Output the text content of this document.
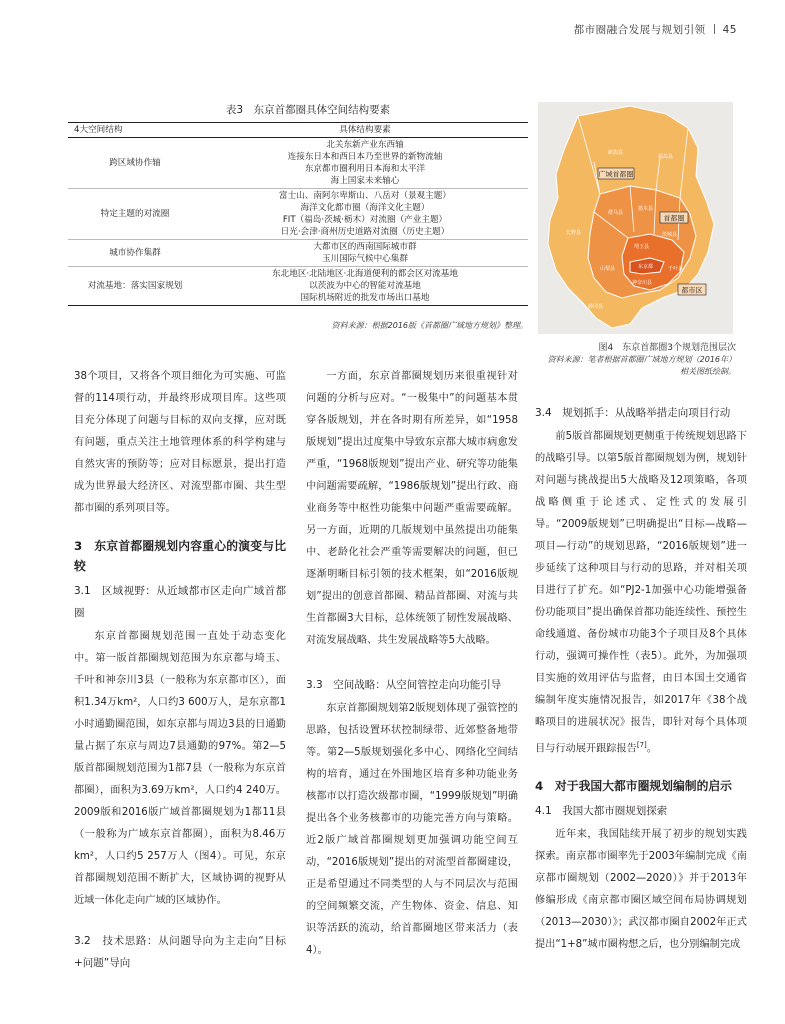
都市圈融合发展与规划引领 45
表3　东京首都圈具体空间结构要素
4大空间结构	具体结构要素
跨区域协作轴	北关东新产业东西轴
连接东日本和西日本乃至世界的新物流轴
东京都市圈利用日本海和太平洋
海上国家未来轴心

特定主题的对流圈	富士山、南阿尔卑斯山、八岳对（景观主题）
海洋文化都市圈（海洋文化主题）
FIT（福岛·茨城·栃木）对流圈（产业主题）
日光·会津·商州历史道路对流圈（历史主题）

城市协作集群	大都市区的西南国际城市群
玉川国际气候中心集群

对流基地：落实国家规划	东北地区·北陆地区·北海道便利的都会区对流基地
以茨波为中心的智能对流基地
国际机场附近的批发市场出口基地
资料来源：根据2016版《首都圈广域地方规划》整理。
广域首都圈
首都圈
都市区
新潟县
福岛县
长野县
群马县
栃木县
茨城县
埼玉县
山梨县	东京都	千叶县
神奈川县
静冈县
图4　东京首都圈3个规划范围层次
资料来源：笔者根据首都圈广域地方规划（2016年）
相关图纸绘制。

38个项目，又将各个项目细化为可实施、可监督的114项行动，并最终形成项目库。这些项目充分体现了问题与目标的双向支撑，应对既有问题，重点关注土地管理体系的科学构建与自然灾害的预防等；应对目标愿景，提出打造成为世界最大经济区、对流型都市圈、共生型都市圈的系列项目等。

3　东京首都圈规划内容重心的演变与比较
3.1　区域视野：从近域都市区走向广域首都圈

东京首都圈规划范围一直处于动态变化中。第一版首都圈规划范围为东京都与埼玉、千叶和神奈川3县（一般称为东京都市区），面积1.34万km²，人口约3 600万人，是东京都1小时通勤圈范围，如东京都与周边3县的日通勤量占据了东京与周边7县通勤的97%。第2—5版首都圈规划范围为1都7县（一般称为东京首都圈），面积为3.69万km²，人口约4 240万。2009版和2016版广域首都圈规划为1都11县（一般称为广域东京首都圈），面积为8.46万km²，人口约5 257万人（图4）。可见，东京首都圈规划范围不断扩大，区域协调的视野从近域一体化走向广域的区域协作。

3.2　技术思路：从问题导向为主走向“目标+问题”导向

一方面，东京首都圈规划历来很重视针对问题的分析与应对。“一极集中”的问题基本贯穿各版规划，并在各时期有所差异，如“1958版规划”提出过度集中导致东京都大城市病愈发严重，“1968版规划”提出产业、研究等功能集中问题需要疏解，“1986版规划”提出行政、商业商务等中枢性功能集中问题严重需要疏解。另一方面，近期的几版规划中虽然提出功能集中、老龄化社会严重等需要解决的问题，但已逐渐明晰目标引领的技术框架，如“2016版规划”提出的创意首都圈、精品首都圈、对流与共生首都圈3大目标，总体统领了韧性发展战略、对流发展战略、共生发展战略等5大战略。

3.3　空间战略：从空间管控走向功能引导

东京首都圈规划第2版规划体现了强管控的思路，包括设置环状控制绿带、近郊整备地带等。第2—5版规划强化多中心、网络化空间结构的培育，通过在外围地区培育多种功能业务核都市以打造次级都市圈，“1999版规划”明确提出各个业务核都市的功能完善方向与策略。近2版广域首都圈规划更加强调功能空间互动，“2016版规划”提出的对流型首都圈建设，正是希望通过不同类型的人与不同层次与范围的空间频繁交流，产生物体、资金、信息、知识等活跃的流动，给首都圈地区带来活力（表4）。

3.4　规划抓手：从战略举措走向项目行动

前5版首都圈规划更侧重于传统规划思路下的战略引导。以第5版首都圈规划为例，规划针对问题与挑战提出5大战略及12项策略，各项战略侧重于论述式、定性式的发展引导。“2009版规划”已明确提出“目标—战略—项目—行动”的规划思路，“2016版规划”进一步延续了这种项目与行动的思路，并对相关项目进行了扩充。如“PJ2-1加强中心功能增强备份功能项目”提出确保首都功能连续性、预控生命线通道、备份城市功能3个子项目及8个具体行动，强调可操作性（表5）。此外，为加强项目实施的效用评估与监督，由日本国土交通省编制年度实施情况报告，如2017年《38个战略项目的进展状况》报告，即针对每个具体项目与行动展开跟踪报告[7]。

4　对于我国大都市圈规划编制的启示
4.1　我国大都市圈规划探索

近年来，我国陆续开展了初步的规划实践探索。南京都市圈率先于2003年编制完成《南京都市圈规划（2002—2020）》并于2013年修编形成《南京都市圈区域空间布局协调规划（2013—2030）》；武汉都市圈自2002年正式提出“1+8”城市圈构想之后，也分别编制完成
